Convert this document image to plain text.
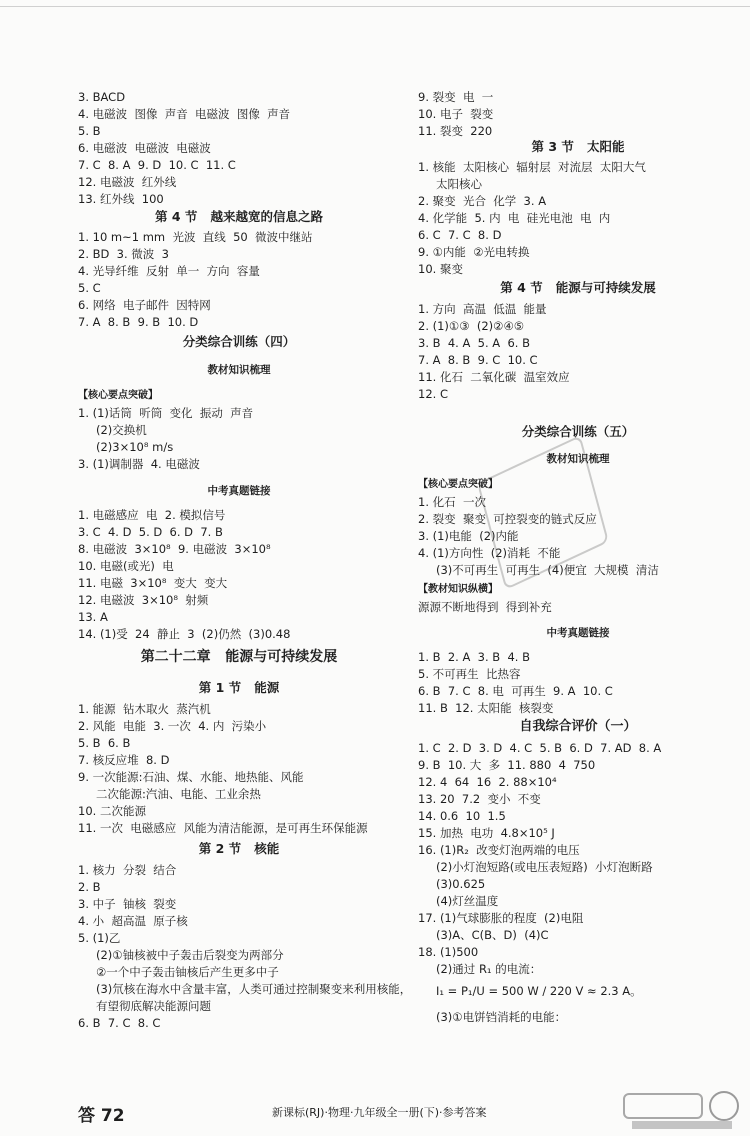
3. BACD
4. 电磁波  图像  声音  电磁波  图像  声音
5. B
6. 电磁波  电磁波  电磁波
7. C  8. A  9. D  10. C  11. C
12. 电磁波  红外线
13. 红外线  100
第 4 节   越来越宽的信息之路
1. 10 m~1 mm  光波  直线  50  微波中继站
2. BD  3. 微波  3
4. 光导纤维  反射  单一  方向  容量
5. C
6. 网络  电子邮件  因特网
7. A  8. B  9. B  10. D
分类综合训练（四）
教材知识梳理
【核心要点突破】
1. (1)话筒  听筒  变化  振动  声音
(2)交换机
(2)3×10⁸ m/s
3. (1)调制器  4. 电磁波
中考真题链接
1. 电磁感应  电  2. 模拟信号
3. C  4. D  5. D  6. D  7. B
8. 电磁波  3×10⁸  9. 电磁波  3×10⁸
10. 电磁(或光)  电
11. 电磁  3×10⁸  变大  变大
12. 电磁波  3×10⁸  射频
13. A
14. (1)受  24  静止  3  (2)仍然  (3)0.48
第二十二章   能源与可持续发展
第 1 节   能源
1. 能源  钻木取火  蒸汽机
2. 风能  电能  3. 一次  4. 内  污染小
5. B  6. B
7. 核反应堆  8. D
9. 一次能源:石油、煤、水能、地热能、风能
二次能源:汽油、电能、工业余热
10. 二次能源
11. 一次  电磁感应  风能为清洁能源，是可再生环保能源
第 2 节   核能
1. 核力  分裂  结合
2. B
3. 中子  铀核  裂变
4. 小  超高温  原子核
5. (1)乙
(2)①铀核被中子轰击后裂变为两部分
②一个中子轰击铀核后产生更多中子
(3)氘核在海水中含量丰富，人类可通过控制聚变来利用核能，
有望彻底解决能源问题
6. B  7. C  8. C
9. 裂变  电  一
10. 电子  裂变
11. 裂变  220
第 3 节   太阳能
1. 核能  太阳核心  辐射层  对流层  太阳大气
太阳核心
2. 聚变  光合  化学  3. A
4. 化学能  5. 内  电  硅光电池  电  内
6. C  7. C  8. D
9. ①内能  ②光电转换
10. 聚变
第 4 节   能源与可持续发展
1. 方向  高温  低温  能量
2. (1)①③  (2)②④⑤
3. B  4. A  5. A  6. B
7. A  8. B  9. C  10. C
11. 化石  二氧化碳  温室效应
12. C
分类综合训练（五）
教材知识梳理
【核心要点突破】
1. 化石  一次
2. 裂变  聚变  可控裂变的链式反应
3. (1)电能  (2)内能
4. (1)方向性  (2)消耗  不能
(3)不可再生  可再生  (4)便宜  大规模  清洁
【教材知识纵横】
源源不断地得到  得到补充
中考真题链接
1. B  2. A  3. B  4. B
5. 不可再生  比热容
6. B  7. C  8. 电  可再生  9. A  10. C
11. B  12. 太阳能  核裂变
自我综合评价（一）
1. C  2. D  3. D  4. C  5. B  6. D  7. AD  8. A
9. B  10. 大  多  11. 880  4  750
12. 4  64  16  2. 88×10⁴
13. 20  7.2  变小  不变
14. 0.6  10  1.5
15. 加热  电功  4.8×10⁵ J
16. (1)R₂  改变灯泡两端的电压
(2)小灯泡短路(或电压表短路)  小灯泡断路
(3)0.625
(4)灯丝温度
17. (1)气球膨胀的程度  (2)电阻
(3)A、C(B、D)  (4)C
18. (1)500
(2)通过 R₁ 的电流：
I₁ = P₁/U = 500 W / 220 V ≈ 2.3 A。
(3)①电饼铛消耗的电能：
答 72	新课标(RJ)·物理·九年级全一册(下)·参考答案
